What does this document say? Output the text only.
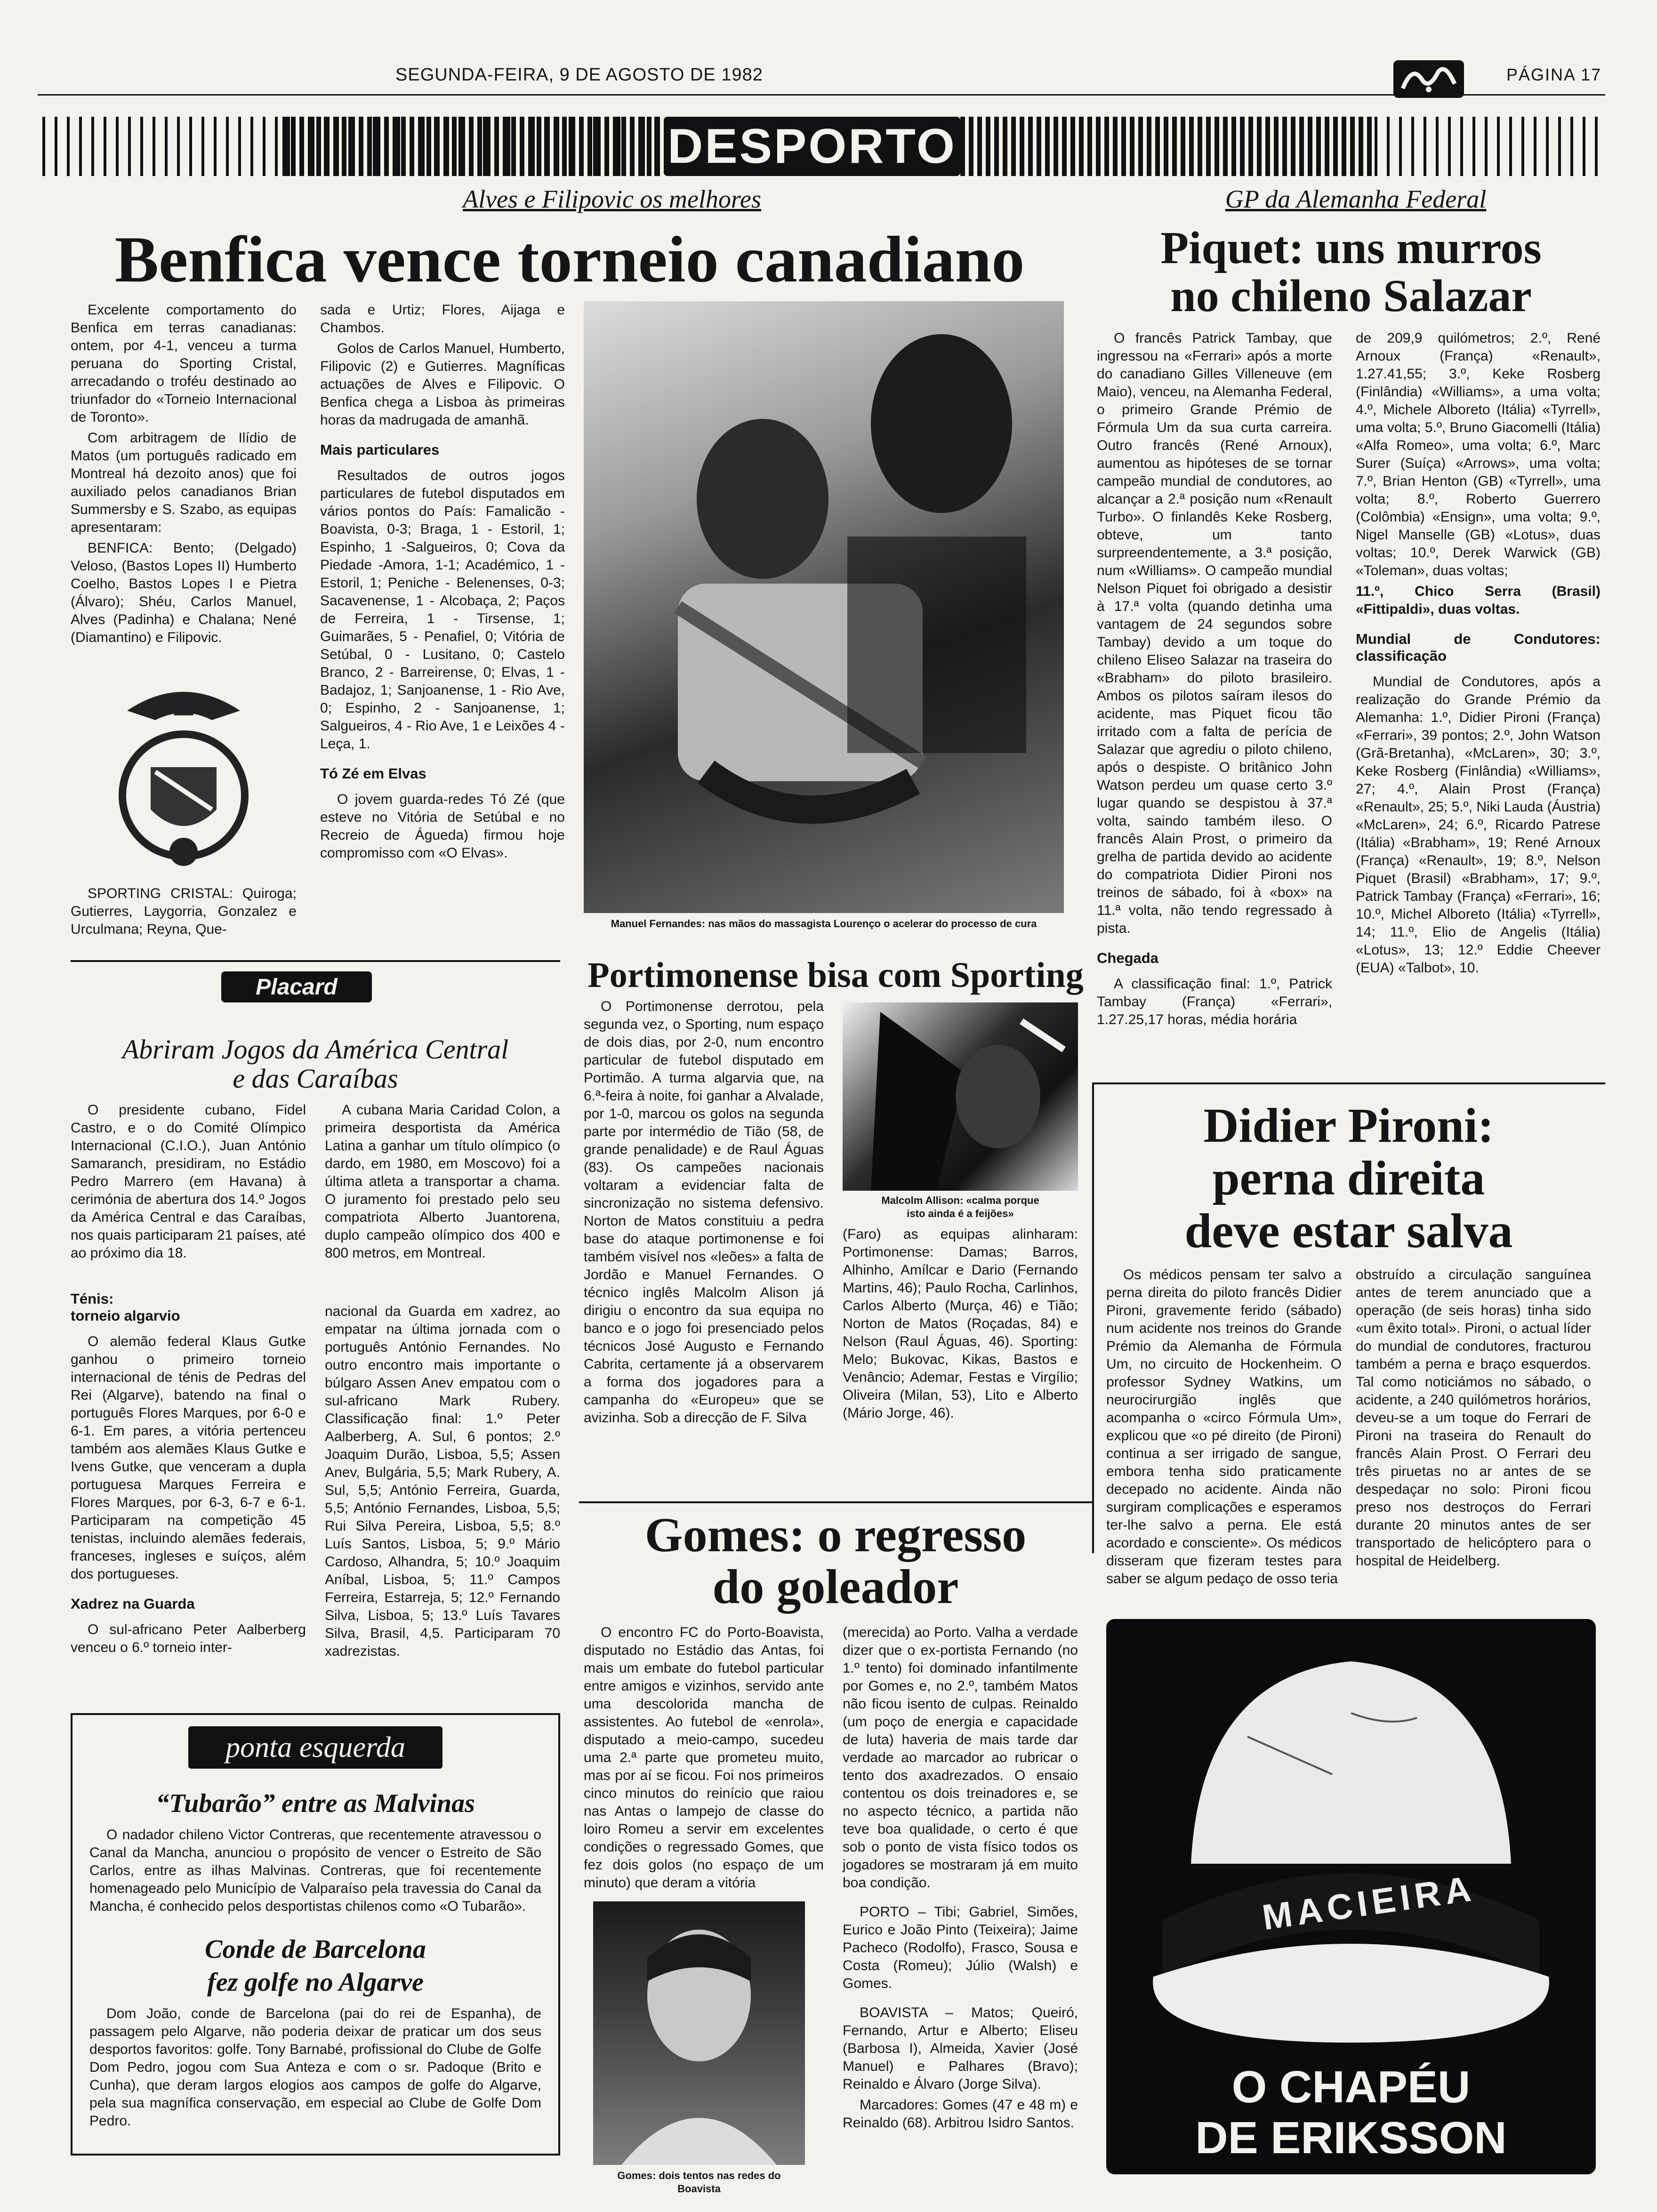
SEGUNDA-FEIRA, 9 DE AGOSTO DE 1982	PÁGINA 17
DESPORTO
Alves e Filipovic os melhores
Benfica vence torneio canadiano

Excelente comportamento do Benfica em terras canadianas: ontem, por 4-1, venceu a turma peruana do Sporting Cristal, arrecadando o troféu destinado ao triunfador do «Torneio Internacional de Toronto».

Com arbitragem de Ilídio de Matos (um português radicado em Montreal há dezoito anos) que foi auxiliado pelos canadianos Brian Summersby e S. Szabo, as equipas apresentaram:

BENFICA: Bento; (Delgado) Veloso, (Bastos Lopes II) Humberto Coelho, Bastos Lopes I e Pietra (Álvaro); Shéu, Carlos Manuel, Alves (Padinha) e Chalana; Nené (Diamantino) e Filipovic.

SPORTING CRISTAL: Quiroga; Gutierres, Laygorria, Gonzalez e Urculmana; Reyna, Que-

sada e Urtiz; Flores, Aijaga e Chambos.

Golos de Carlos Manuel, Humberto, Filipovic (2) e Gutierres. Magníficas actuações de Alves e Filipovic. O Benfica chega a Lisboa às primeiras horas da madrugada de amanhã.

Mais particulares

Resultados de outros jogos particulares de futebol disputados em vários pontos do País: Famalicão - Boavista, 0-3; Braga, 1 - Estoril, 1; Espinho, 1 -Salgueiros, 0; Cova da Piedade -Amora, 1-1; Académico, 1 - Estoril, 1; Peniche - Belenenses, 0-3; Sacavenense, 1 - Alcobaça, 2; Paços de Ferreira, 1 - Tirsense, 1; Guimarães, 5 - Penafiel, 0; Vitória de Setúbal, 0 - Lusitano, 0; Castelo Branco, 2 - Barreirense, 0; Elvas, 1 - Badajoz, 1; Sanjoanense, 1 - Rio Ave, 0; Espinho, 2 - Sanjoanense, 1; Salgueiros, 4 - Rio Ave, 1 e Leixões 4 - Leça, 1.

Tó Zé em Elvas

O jovem guarda-redes Tó Zé (que esteve no Vitória de Setúbal e no Recreio de Águeda) firmou hoje compromisso com «O Elvas».

Manuel Fernandes: nas mãos do massagista Lourenço o acelerar do processo de cura
Placard
Abriram Jogos da América Central
e das Caraíbas

O presidente cubano, Fidel Castro, e o do Comité Olímpico Internacional (C.I.O.), Juan António Samaranch, presidiram, no Estádio Pedro Marrero (em Havana) à cerimónia de abertura dos 14.º Jogos da América Central e das Caraíbas, nos quais participaram 21 países, até ao próximo dia 18.

Ténis:
torneio algarvio

O alemão federal Klaus Gutke ganhou o primeiro torneio internacional de ténis de Pedras del Rei (Algarve), batendo na final o português Flores Marques, por 6-0 e 6-1. Em pares, a vitória pertenceu também aos alemães Klaus Gutke e Ivens Gutke, que venceram a dupla portuguesa Marques Ferreira e Flores Marques, por 6-3, 6-7 e 6-1. Participaram na competição 45 tenistas, incluindo alemães federais, franceses, ingleses e suíços, além dos portugueses.

Xadrez na Guarda

O sul-africano Peter Aalberberg venceu o 6.º torneio inter-

A cubana Maria Caridad Colon, a primeira desportista da América Latina a ganhar um título olímpico (o dardo, em 1980, em Moscovo) foi a última atleta a transportar a chama. O juramento foi prestado pelo seu compatriota Alberto Juantorena, duplo campeão olímpico dos 400 e 800 metros, em Montreal.

nacional da Guarda em xadrez, ao empatar na última jornada com o português António Fernandes. No outro encontro mais importante o búlgaro Assen Anev empatou com o sul-africano Mark Rubery. Classificação final: 1.º Peter Aalberberg, A. Sul, 6 pontos; 2.º Joaquim Durão, Lisboa, 5,5; Assen Anev, Bulgária, 5,5; Mark Rubery, A. Sul, 5,5; António Ferreira, Guarda, 5,5; António Fernandes, Lisboa, 5,5; Rui Silva Pereira, Lisboa, 5,5; 8.º Luís Santos, Lisboa, 5; 9.º Mário Cardoso, Alhandra, 5; 10.º Joaquim Aníbal, Lisboa, 5; 11.º Campos Ferreira, Estarreja, 5; 12.º Fernando Silva, Lisboa, 5; 13.º Luís Tavares Silva, Brasil, 4,5. Participaram 70 xadrezistas.

ponta esquerda
“Tubarão” entre as Malvinas

O nadador chileno Victor Contreras, que recentemente atravessou o Canal da Mancha, anunciou o propósito de vencer o Estreito de São Carlos, entre as ilhas Malvinas. Contreras, que foi recentemente homenageado pelo Município de Valparaíso pela travessia do Canal da Mancha, é conhecido pelos desportistas chilenos como «O Tubarão».

Conde de Barcelona
fez golfe no Algarve

Dom João, conde de Barcelona (pai do rei de Espanha), de passagem pelo Algarve, não poderia deixar de praticar um dos seus desportos favoritos: golfe. Tony Barnabé, profissional do Clube de Golfe Dom Pedro, jogou com Sua Anteza e com o sr. Padoque (Brito e Cunha), que deram largos elogios aos campos de golfe do Algarve, pela sua magnífica conservação, em especial ao Clube de Golfe Dom Pedro.

Portimonense bisa com Sporting

O Portimonense derrotou, pela segunda vez, o Sporting, num espaço de dois dias, por 2-0, num encontro particular de futebol disputado em Portimão. A turma algarvia que, na 6.ª-feira à noite, foi ganhar a Alvalade, por 1-0, marcou os golos na segunda parte por intermédio de Tião (58, de grande penalidade) e de Raul Águas (83). Os campeões nacionais voltaram a evidenciar falta de sincronização no sistema defensivo. Norton de Matos constituiu a pedra base do ataque portimonense e foi também visível nos «leões» a falta de Jordão e Manuel Fernandes. O técnico inglês Malcolm Alison já dirigiu o encontro da sua equipa no banco e o jogo foi presenciado pelos técnicos José Augusto e Fernando Cabrita, certamente já a observarem a forma dos jogadores para a campanha do «Europeu» que se avizinha. Sob a direcção de F. Silva

Malcolm Allison: «calma porque
isto ainda é a feijões»

(Faro) as equipas alinharam: Portimonense: Damas; Barros, Alhinho, Amílcar e Dario (Fernando Martins, 46); Paulo Rocha, Carlinhos, Carlos Alberto (Murça, 46) e Tião; Norton de Matos (Roçadas, 84) e Nelson (Raul Águas, 46). Sporting: Melo; Bukovac, Kikas, Bastos e Venâncio; Ademar, Festas e Virgílio; Oliveira (Milan, 53), Lito e Alberto (Mário Jorge, 46).

Gomes: o regresso
do goleador

O encontro FC do Porto-Boavista, disputado no Estádio das Antas, foi mais um embate do futebol particular entre amigos e vizinhos, servido ante uma descolorida mancha de assistentes. Ao futebol de «enrola», disputado a meio-campo, sucedeu uma 2.ª parte que prometeu muito, mas por aí se ficou. Foi nos primeiros cinco minutos do reinício que raiou nas Antas o lampejo de classe do loiro Romeu a servir em excelentes condições o regressado Gomes, que fez dois golos (no espaço de um minuto) que deram a vitória

Gomes: dois tentos nas redes do
Boavista

(merecida) ao Porto. Valha a verdade dizer que o ex-portista Fernando (no 1.º tento) foi dominado infantilmente por Gomes e, no 2.º, também Matos não ficou isento de culpas. Reinaldo (um poço de energia e capacidade de luta) haveria de mais tarde dar verdade ao marcador ao rubricar o tento dos axadrezados. O ensaio contentou os dois treinadores e, se no aspecto técnico, a partida não teve boa qualidade, o certo é que sob o ponto de vista físico todos os jogadores se mostraram já em muito boa condição.

PORTO – Tibi; Gabriel, Simões, Eurico e João Pinto (Teixeira); Jaime Pacheco (Rodolfo), Frasco, Sousa e Costa (Romeu); Júlio (Walsh) e Gomes.

BOAVISTA – Matos; Queiró, Fernando, Artur e Alberto; Eliseu (Barbosa I), Almeida, Xavier (José Manuel) e Palhares (Bravo); Reinaldo e Álvaro (Jorge Silva).

Marcadores: Gomes (47 e 48 m) e Reinaldo (68). Arbitrou Isidro Santos.

GP da Alemanha Federal
Piquet: uns murros
no chileno Salazar

O francês Patrick Tambay, que ingressou na «Ferrari» após a morte do canadiano Gilles Villeneuve (em Maio), venceu, na Alemanha Federal, o primeiro Grande Prémio de Fórmula Um da sua curta carreira. Outro francês (René Arnoux), aumentou as hipóteses de se tornar campeão mundial de condutores, ao alcançar a 2.ª posição num «Renault Turbo». O finlandês Keke Rosberg, obteve, um tanto surpreendentemente, a 3.ª posição, num «Williams». O campeão mundial Nelson Piquet foi obrigado a desistir à 17.ª volta (quando detinha uma vantagem de 24 segundos sobre Tambay) devido a um toque do chileno Eliseo Salazar na traseira do «Brabham» do piloto brasileiro. Ambos os pilotos saíram ilesos do acidente, mas Piquet ficou tão irritado com a falta de perícia de Salazar que agrediu o piloto chileno, após o despiste. O britânico John Watson perdeu um quase certo 3.º lugar quando se despistou à 37.ª volta, saindo também ileso. O francês Alain Prost, o primeiro da grelha de partida devido ao acidente do compatriota Didier Pironi nos treinos de sábado, foi à «box» na 11.ª volta, não tendo regressado à pista.

Chegada

A classificação final: 1.º, Patrick Tambay (França) «Ferrari», 1.27.25,17 horas, média horária

de 209,9 quilómetros; 2.º, René Arnoux (França) «Renault», 1.27.41,55; 3.º, Keke Rosberg (Finlândia) «Williams», a uma volta; 4.º, Michele Alboreto (Itália) «Tyrrell», uma volta; 5.º, Bruno Giacomelli (Itália) «Alfa Romeo», uma volta; 6.º, Marc Surer (Suíça) «Arrows», uma volta; 7.º, Brian Henton (GB) «Tyrrell», uma volta; 8.º, Roberto Guerrero (Colômbia) «Ensign», uma volta; 9.º, Nigel Manselle (GB) «Lotus», duas voltas; 10.º, Derek Warwick (GB) «Toleman», duas voltas;

11.º, Chico Serra (Brasil) «Fittipaldi», duas voltas.

Mundial de Condutores: classificação

Mundial de Condutores, após a realização do Grande Prémio da Alemanha: 1.º, Didier Pironi (França) «Ferrari», 39 pontos; 2.º, John Watson (Grã-Bretanha), «McLaren», 30; 3.º, Keke Rosberg (Finlândia) «Williams», 27; 4.º, Alain Prost (França) «Renault», 25; 5.º, Niki Lauda (Áustria) «McLaren», 24; 6.º, Ricardo Patrese (Itália) «Brabham», 19; René Arnoux (França) «Renault», 19; 8.º, Nelson Piquet (Brasil) «Brabham», 17; 9.º, Patrick Tambay (França) «Ferrari», 16; 10.º, Michel Alboreto (Itália) «Tyrrell», 14; 11.º, Elio de Angelis (Itália) «Lotus», 13; 12.º Eddie Cheever (EUA) «Talbot», 10.

Didier Pironi:
perna direita
deve estar salva

Os médicos pensam ter salvo a perna direita do piloto francês Didier Pironi, gravemente ferido (sábado) num acidente nos treinos do Grande Prémio da Alemanha de Fórmula Um, no circuito de Hockenheim. O professor Sydney Watkins, um neurocirurgião inglês que acompanha o «circo Fórmula Um», explicou que «o pé direito (de Pironi) continua a ser irrigado de sangue, embora tenha sido praticamente decepado no acidente. Ainda não surgiram complicações e esperamos ter-lhe salvo a perna. Ele está acordado e consciente». Os médicos disseram que fizeram testes para saber se algum pedaço de osso teria

obstruído a circulação sanguínea antes de terem anunciado que a operação (de seis horas) tinha sido «um êxito total». Pironi, o actual líder do mundial de condutores, fracturou também a perna e braço esquerdos. Tal como noticiámos no sábado, o acidente, a 240 quilómetros horários, deveu-se a um toque do Ferrari de Pironi na traseira do Renault do francês Alain Prost. O Ferrari deu três piruetas no ar antes de se despedaçar no solo: Pironi ficou preso nos destroços do Ferrari durante 20 minutos antes de ser transportado de helicóptero para o hospital de Heidelberg.

MACIEIRA
O CHAPÉU
DE ERIKSSON
